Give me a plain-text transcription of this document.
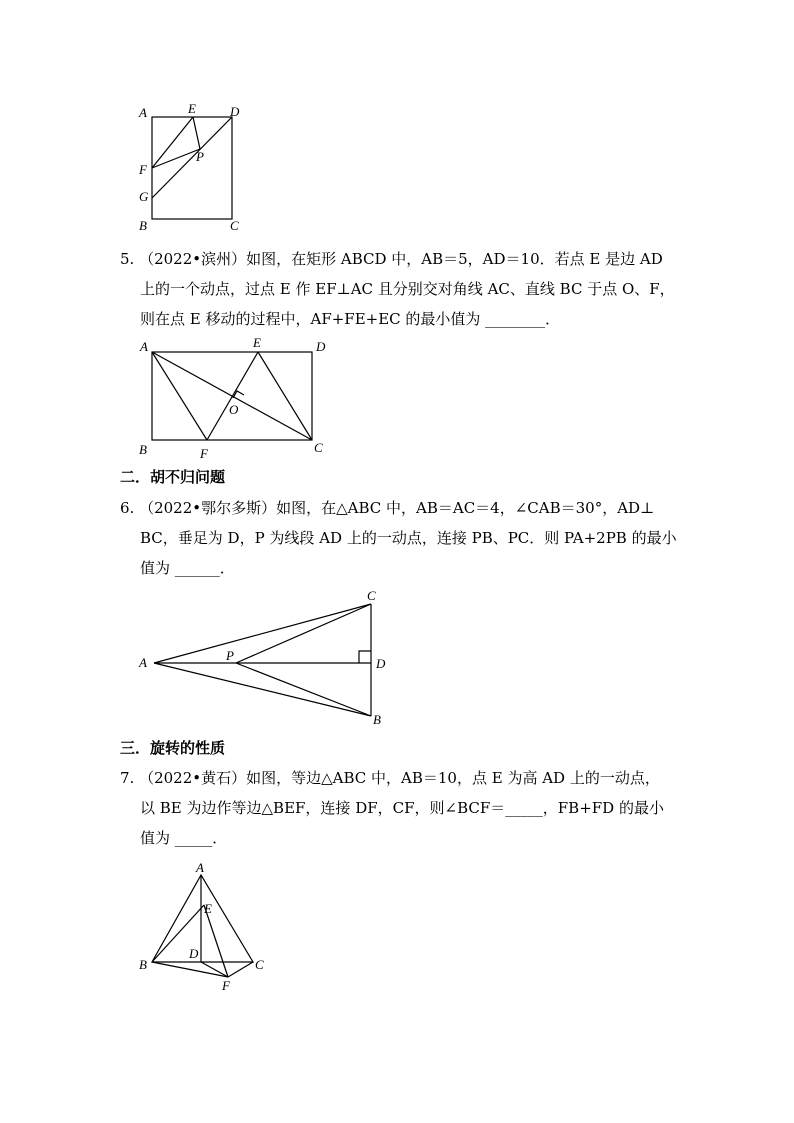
A	E	D
P
F
G
B	C
5. （2022•滨州）如图，在矩形 ABCD 中，AB＝5，AD＝10．若点 E 是边 AD
上的一个动点，过点 E 作 EF⊥AC 且分别交对角线 AC、直线 BC 于点 O、F，
则在点 E 移动的过程中，AF+FE+EC 的最小值为 ________．
A	E	D
O
B	F	C
二．胡不归问题
6. （2022•鄂尔多斯）如图，在△ABC 中，AB＝AC＝4，∠CAB＝30°，AD⊥
BC，垂足为 D，P 为线段 AD 上的一动点，连接 PB、PC．则 PA+2PB 的最小
值为 ______．
A	P
C
D
B
三．旋转的性质
7. （2022•黄石）如图，等边△ABC 中，AB＝10，点 E 为高 AD 上的一动点，
以 BE 为边作等边△BEF，连接 DF，CF，则∠BCF＝_____，FB+FD 的最小
值为 _____．
A
E
D
B	C
F
